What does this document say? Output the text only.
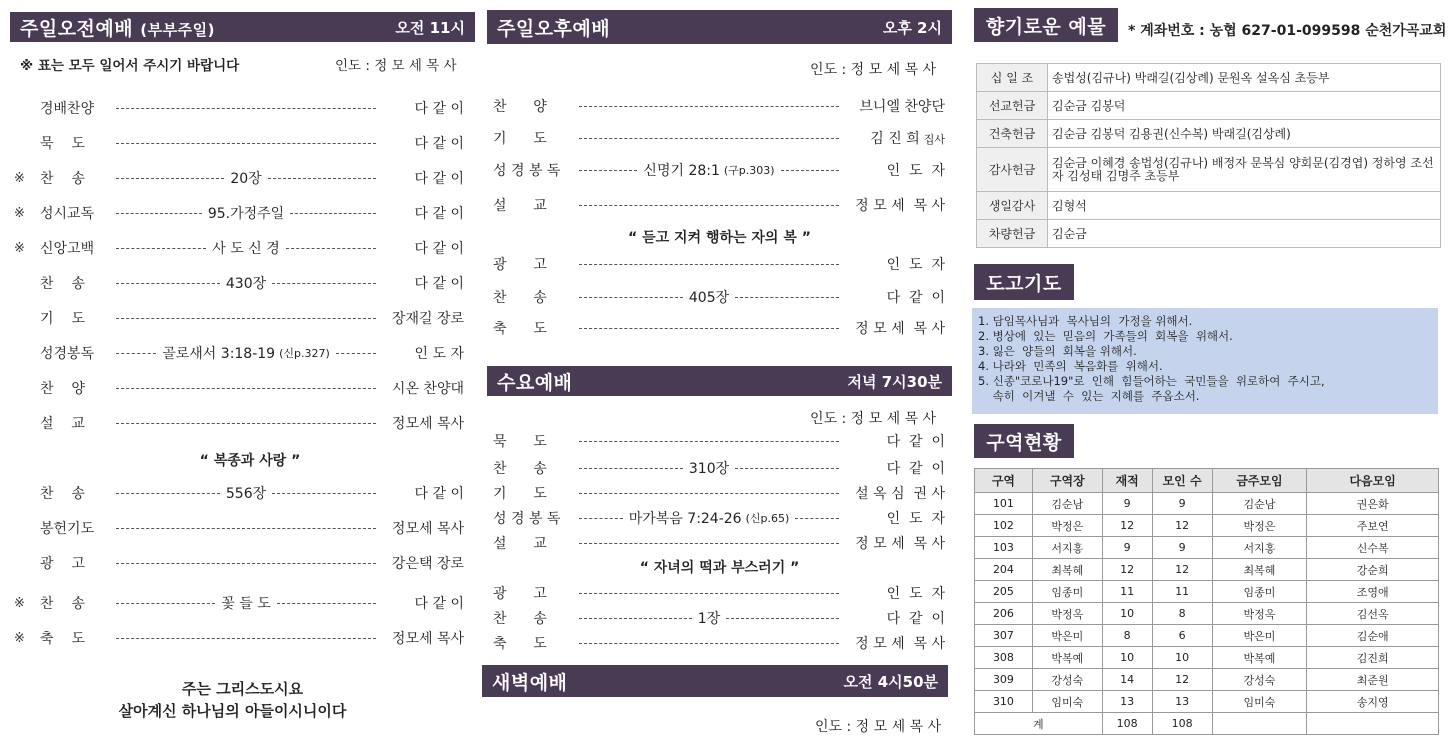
주일오전예배 (부부주일)	오전 11시
※ 표는 모두 일어서 주시기 바랍니다	인도 : 정 모 세 목 사
경배찬양	다 같 이
묵    도	다 같 이
※	찬    송	20장	다 같 이
※	성시교독	95.가정주일	다 같 이
※	신앙고백	사 도 신 경	다 같 이
찬    송	430장	다 같 이
기    도	장재길 장로
성경봉독	골로새서 3:18-19 (신p.327)	인 도 자
찬    양	시온 찬양대
설    교	정모세 목사
찬    송	556장	다 같 이
봉헌기도	정모세 목사
광    고	강은택 장로
※	찬    송	꽃 들 도	다 같 이
※	축    도	정모세 목사
“ 복종과 사랑 ”
주는 그리스도시요
살아계신 하나님의 아들이시니이다
주일오후예배	오후 2시
인도 : 정 모 세 목 사
찬      양	브니엘 찬양단
기      도	김 진 희 집사
성 경 봉 독	신명기 28:1 (구p.303)	인  도  자
설      교	정 모 세  목 사
광      고	인  도  자
찬      송	405장	다  같  이
축      도	정 모 세  목 사
“ 듣고 지켜 행하는 자의 복 ”
수요예배	저녁 7시30분
인도 : 정 모 세 목 사
묵      도	다  같  이
찬      송	310장	다  같  이
기      도	설 옥 심  권 사
성 경 봉 독	마가복음 7:24-26 (신p.65)	인  도  자
설      교	정 모 세  목 사
광      고	인  도  자
찬      송	1장	다  같  이
축      도	정 모 세  목 사
“ 자녀의 떡과 부스러기 ”
새벽예배	오전 4시50분
인도 : 정 모 세 목 사
향기로운 예물 * 계좌번호 : 농협 627-01-099598 순천가곡교회
십 일 조	송법성(김규나) 박래길(김상례) 문원옥 설옥심 초등부
선교헌금	김순금 김봉덕
건축헌금	김순금 김봉덕 김용권(신수복) 박래길(김상례)
감사헌금	김순금 이혜경 송법성(김규나) 배정자 문복심 양회문(김경엽) 정하영 조선자 김성태 김명주 초등부
생일감사	김형석
차량헌금	김순금
도고기도
1. 담임목사님과  목사님의  가정을 위해서.
2. 병상에  있는  믿음의  가족들의  회복을  위해서.
3. 잃은  양들의  회복을 위해서.
4. 나라와  민족의  복음화를  위해서.
5. 신종"코로나19"로  인해  힘들어하는  국민들을  위로하여  주시고,
속히  이겨낼  수  있는  지혜를  주옵소서.
구역현황
구역	구역장	재적	모인 수	금주모임	다음모임
101	김순남	9	9	김순남	권은화
102	박정은	12	12	박정은	주보연
103	서지홍	9	9	서지홍	신수복
204	최복혜	12	12	최복혜	강순희
205	임종미	11	11	임종미	조영애
206	박정옥	10	8	박정옥	김선옥
307	박은미	8	6	박은미	김순애
308	박복예	10	10	박복예	김진희
309	강성숙	14	12	강성숙	최준원
310	임미숙	13	13	임미숙	송지영
계		108	108		
